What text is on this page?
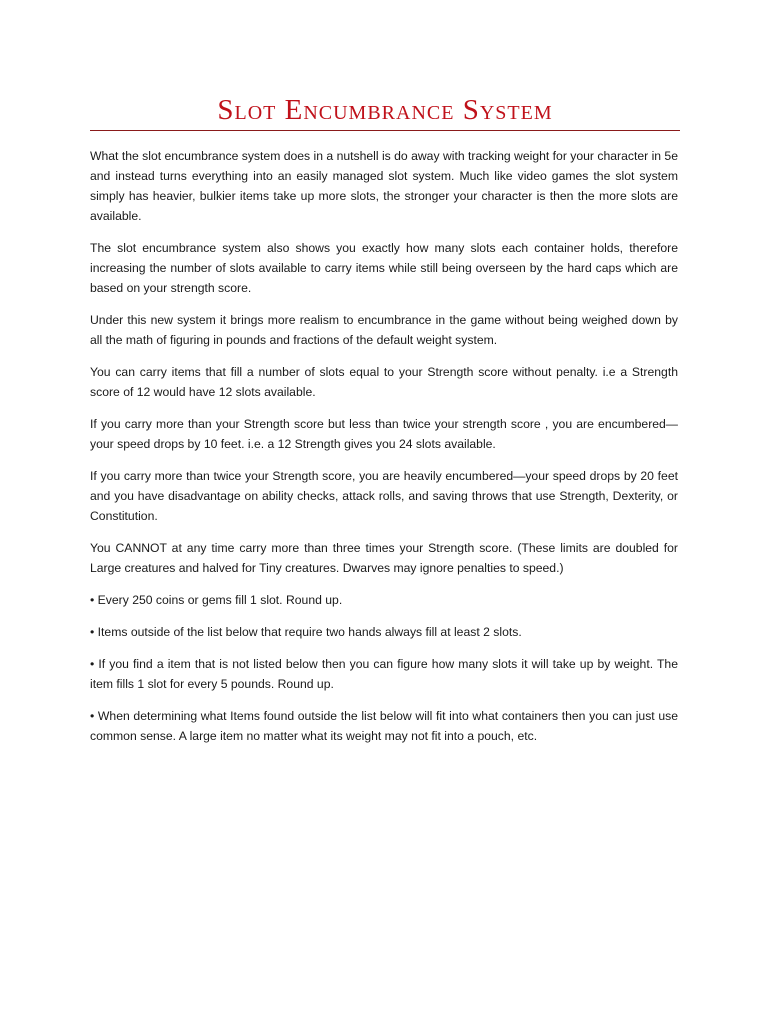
Slot Encumbrance System

What the slot encumbrance system does in a nutshell is do away with tracking weight for your character in 5e and instead turns everything into an easily managed slot system. Much like video games the slot system simply has heavier, bulkier items take up more slots, the stronger your character is then the more slots are available.

The slot encumbrance system also shows you exactly how many slots each container holds, therefore increasing the number of slots available to carry items while still being overseen by the hard caps which are based on your strength score.

Under this new system it brings more realism to encumbrance in the game without being weighed down by all the math of figuring in pounds and fractions of the default weight system.

You can carry items that fill a number of slots equal to your Strength score without penalty. i.e a Strength score of 12 would have 12 slots available.

If you carry more than your Strength score but less than twice your strength score , you are encumbered—your speed drops by 10 feet. i.e. a 12 Strength gives you 24 slots available.

If you carry more than twice your Strength score, you are heavily encumbered—your speed drops by 20 feet and you have disadvantage on ability checks, attack rolls, and saving throws that use Strength, Dexterity, or Constitution.

You CANNOT at any time carry more than three times your Strength score. (These limits are doubled for Large creatures and halved for Tiny creatures. Dwarves may ignore penalties to speed.)

• Every 250 coins or gems fill 1 slot. Round up.

• Items outside of the list below that require two hands always fill at least 2 slots.

• If you find a item that is not listed below then you can figure how many slots it will take up by weight. The item fills 1 slot for every 5 pounds. Round up.

• When determining what Items found outside the list below will fit into what containers then you can just use common sense. A large item no matter what its weight may not fit into a pouch, etc.
